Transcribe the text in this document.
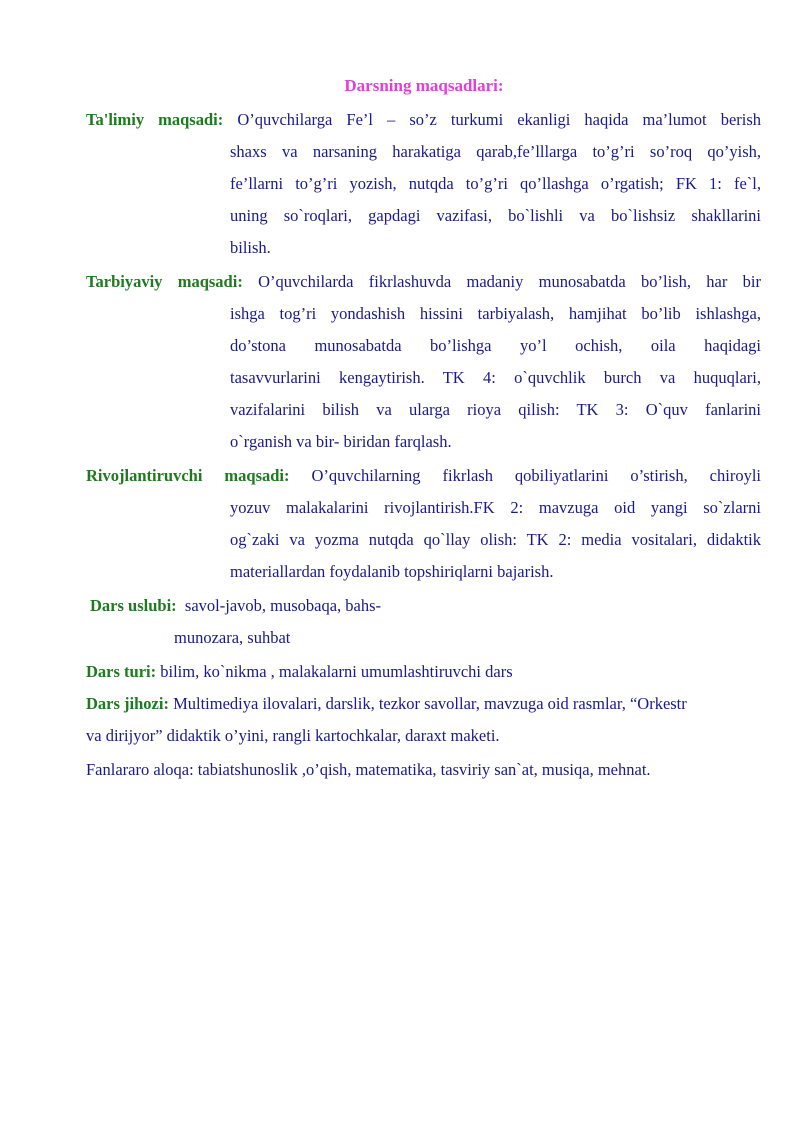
Darsning maqsadlari:
Ta'limiy maqsadi: O’quvchilarga Fe’l – so’z turkumi ekanligi haqida ma’lumot berish
shaxs va narsaning harakatiga qarab,fe’lllarga to’g’ri so’roq qo’yish,
fe’llarni to’g’ri yozish, nutqda to’g’ri qo’llashga o’rgatish; FK 1: fe`l,
uning so`roqlari, gapdagi vazifasi, bo`lishli va bo`lishsiz shakllarini
bilish.
Tarbiyaviy maqsadi: O’quvchilarda fikrlashuvda madaniy munosabatda bo’lish, har bir
ishga tog’ri yondashish hissini tarbiyalash, hamjihat bo’lib ishlashga,
do’stona munosabatda bo’lishga yo’l ochish, oila haqidagi
tasavvurlarini kengaytirish. TK 4: o`quvchlik burch va huquqlari,
vazifalarini bilish va ularga rioya qilish: TK 3: O`quv fanlarini
o`rganish va bir- biridan farqlash.
Rivojlantiruvchi maqsadi: O’quvchilarning fikrlash qobiliyatlarini o’stirish, chiroyli
yozuv malakalarini rivojlantirish.FK 2: mavzuga oid yangi so`zlarni
og`zaki va yozma nutqda qo`llay olish: TK 2: media vositalari, didaktik
materiallardan foydalanib topshiriqlarni bajarish.
Dars uslubi: savol-javob, musobaqa, bahs-
munozara, suhbat
Dars turi: bilim, ko`nikma , malakalarni umumlashtiruvchi dars
Dars jihozi: Multimediya ilovalari, darslik, tezkor savollar, mavzuga oid rasmlar, “Orkestr
va dirijyor” didaktik o’yini, rangli kartochkalar, daraxt maketi.
Fanlararo aloqa: tabiatshunoslik ,o’qish, matematika, tasviriy san`at, musiqa, mehnat.
